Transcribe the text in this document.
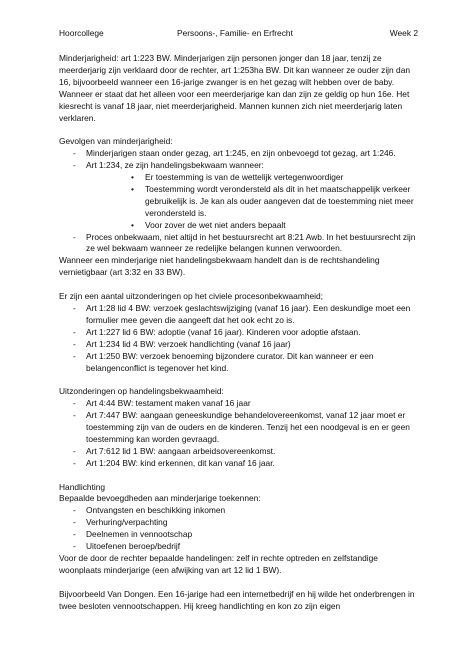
Hoorcollege	Persoons-, Familie- en Erfrecht	Week 2

Minderjarigheid: art 1:223 BW. Minderjarigen zijn personen jonger dan 18 jaar, tenzij ze meerderjarig zijn verklaard door de rechter, art 1:253ha BW. Dit kan wanneer ze ouder zijn dan 16, bijvoorbeeld wanneer een 16-jarige zwanger is en het gezag wilt hebben over de baby. Wanneer er staat dat het alleen voor een meerderjarige kan dan zijn ze geldig op hun 16e. Het kiesrecht is vanaf 18 jaar, niet meerderjarigheid. Mannen kunnen zich niet meerderjarig laten verklaren.

Gevolgen van minderjarigheid:

- Minderjarigen staan onder gezag, art 1:245, en zijn onbevoegd tot gezag, art 1:246.
- Art 1:234, ze zijn handelingsbekwaam wanneer:
• Er toestemming is van de wettelijk vertegenwoordiger
• Toestemming wordt verondersteld als dit in het maatschappelijk verkeer gebruikelijk is. Je kan als ouder aangeven dat de toestemming niet meer verondersteld is.
• Voor zover de wet niet anders bepaalt
- Proces onbekwaam, niet altijd in het bestuursrecht art 8:21 Awb. In het bestuursrecht zijn ze wel bekwaam wanneer ze redelijke belangen kunnen verwoorden.

Wanneer een minderjarige niet handelingsbekwaam handelt dan is de rechtshandeling vernietigbaar (art 3:32 en 33 BW).

Er zijn een aantal uitzonderingen op het civiele procesonbekwaamheid;

- Art 1:28 lid 4 BW: verzoek geslachtswijziging (vanaf 16 jaar). Een deskundige moet een formulier mee geven die aangeeft dat het ook echt zo is.
- Art 1:227 lid 6 BW: adoptie (vanaf 16 jaar). Kinderen voor adoptie afstaan.
- Art 1:234 lid 4 BW: verzoek handlichting (vanaf 16 jaar)
- Art 1:250 BW: verzoek benoeming bijzondere curator. Dit kan wanneer er een belangenconflict is tegenover het kind.

Uitzonderingen op handelingsbekwaamheid:

- Art 4:44 BW: testament maken vanaf 16 jaar
- Art 7:447 BW: aangaan geneeskundige behandelovereenkomst, vanaf 12 jaar moet er toestemming zijn van de ouders en de kinderen. Tenzij het een noodgeval is en er geen toestemming kan worden gevraagd.
- Art 7:612 lid 1 BW: aangaan arbeidsovereenkomst.
- Art 1:204 BW: kind erkennen, dit kan vanaf 16 jaar.

Handlichting

Bepaalde bevoegdheden aan minderjarige toekennen:

- Ontvangsten en beschikking inkomen
- Verhuring/verpachting
- Deelnemen in vennootschap
- Uitoefenen beroep/bedrijf

Voor de door de rechter bepaalde handelingen: zelf in rechte optreden en zelfstandige woonplaats minderjarige (een afwijking van art 12 lid 1 BW).

Bijvoorbeeld Van Dongen. Een 16-jarige had een internetbedrijf en hij wilde het onderbrengen in twee besloten vennootschappen. Hij kreeg handlichting en kon zo zijn eigen
